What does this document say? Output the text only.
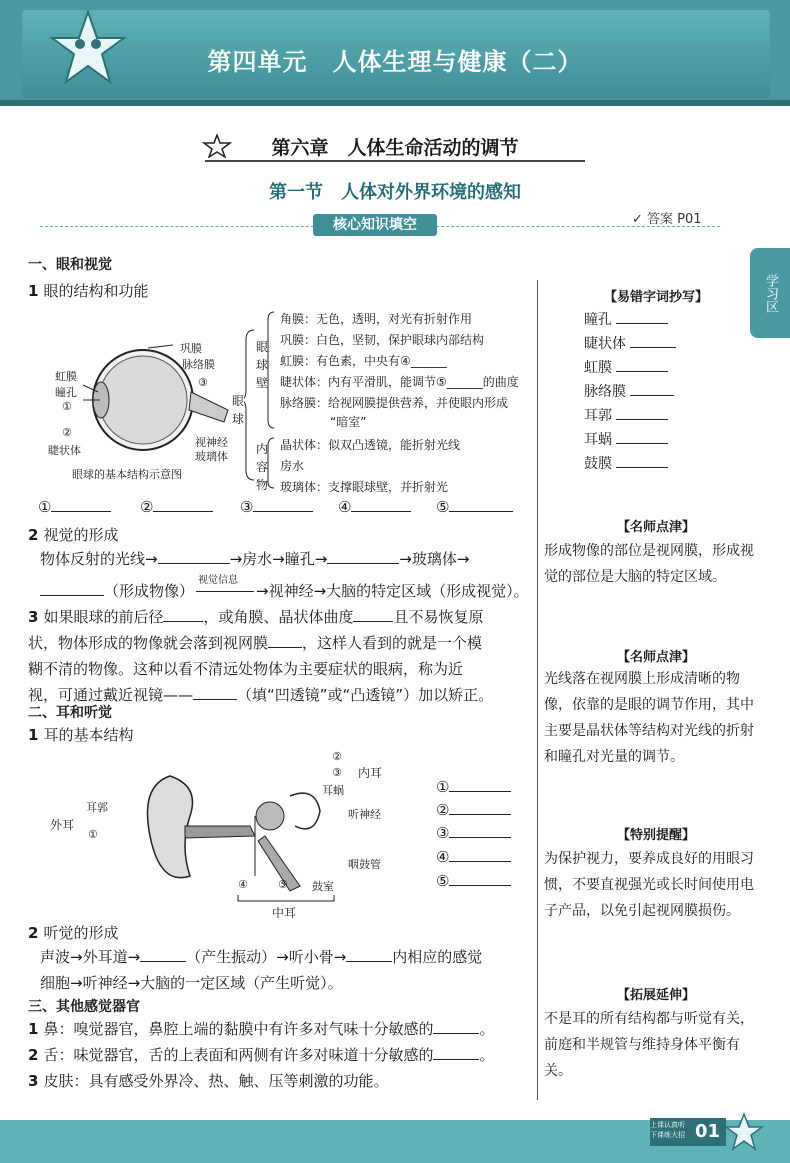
第四单元　人体生理与健康（二）
第六章　人体生命活动的调节
第一节　人体对外界环境的感知
核心知识填空	✓ 答案 P01
学习区
一、眼和视觉
1 眼的结构和功能
巩膜
脉络膜
虹膜	③
瞳孔
①
②
视神经
睫状体	玻璃体
眼球的基本结构示意图
眼
球
眼
球
壁
内
容
物
角膜：无色，透明，对光有折射作用
巩膜：白色，坚韧，保护眼球内部结构
虹膜：有色素，中央有④______
睫状体：内有平滑肌，能调节⑤______的曲度
脉络膜：给视网膜提供营养，并使眼内形成
“暗室”
晶状体：似双凸透镜，能折射光线
房水
玻璃体：支撑眼球壁，并折射光
①	②	③	④	⑤
2 视觉的形成
物体反射的光线→	→房水→瞳孔→	→玻璃体→
视觉信息
（形成物像）	→视神经→大脑的特定区域（形成视觉）。
3 如果眼球的前后径	，或角膜、晶状体曲度	且不易恢复原
状，物体形成的物像就会落到视网膜 ，这样人看到的就是一个模
糊不清的物像。这种以看不清远处物体为主要症状的眼病，称为近
视，可通过戴近视镜——	（填“凹透镜”或“凸透镜”）加以矫正。
二、耳和听觉
1 耳的基本结构
②
③ 内耳
耳蜗
耳郭
外耳
①
听神经
咽鼓管
④	⑤ 鼓室
中耳
①
②
③
④
⑤
2 听觉的形成
声波→外耳道→	（产生振动）→听小骨→	内相应的感觉
细胞→听神经→大脑的一定区域（产生听觉）。
三、其他感觉器官
1 鼻：嗅觉器官，鼻腔上端的黏膜中有许多对气味十分敏感的	。
2 舌：味觉器官，舌的上表面和两侧有许多对味道十分敏感的	。
3 皮肤：具有感受外界冷、热、触、压等刺激的功能。
【易错字词抄写】
瞳孔
睫状体
虹膜
脉络膜
耳郭
耳蜗
鼓膜
【名师点津】
形成物像的部位是视网膜，形成视觉的部位是大脑的特定区域。
【名师点津】
光线落在视网膜上形成清晰的物像，依靠的是眼的调节作用，其中主要是晶状体等结构对光线的折射和瞳孔对光量的调节。
【特别提醒】
为保护视力，要养成良好的用眼习惯，不要直视强光或长时间使用电子产品，以免引起视网膜损伤。
【拓展延伸】
不是耳的所有结构都与听觉有关，前庭和半规管与维持身体平衡有关。
01
上课认真听 下课练大招
